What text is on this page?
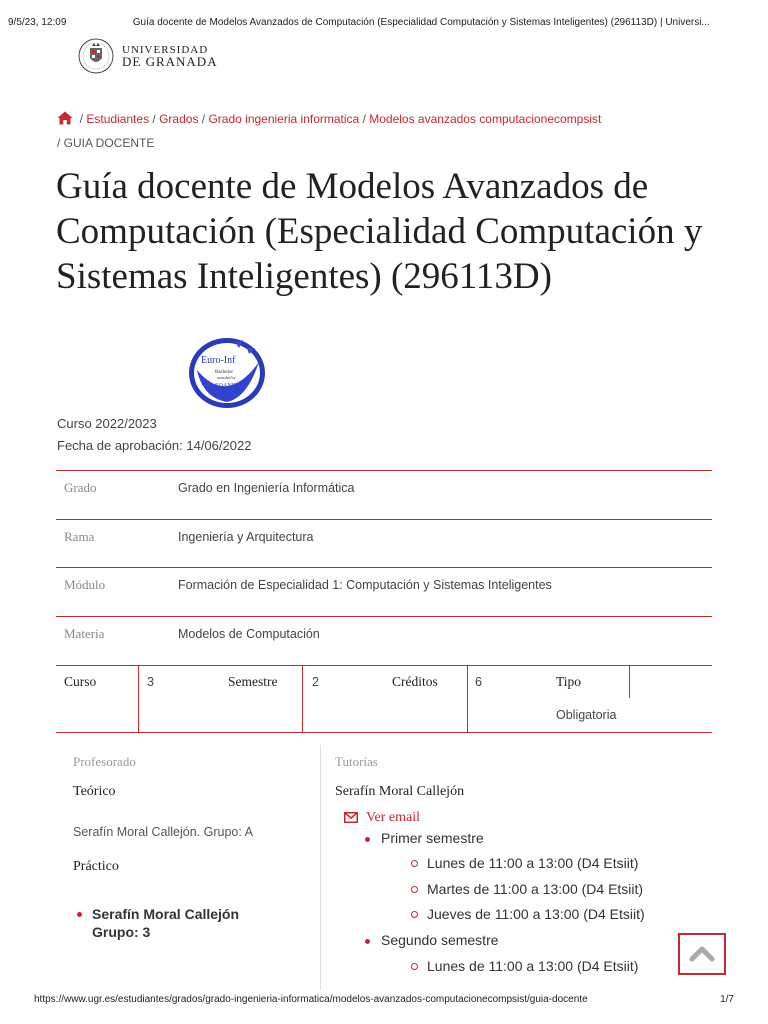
9/5/23, 12:09	Guía docente de Modelos Avanzados de Computación (Especialidad Computación y Sistemas Inteligentes) (296113D) | Universi...
UNIVERSIDAD
DE GRANADA
/ Estudiantes / Grados / Grado ingenieria informatica / Modelos avanzados computacionecompsist
/ GUIA DOCENTE
Guía docente de Modelos Avanzados de Computación (Especialidad Computación y Sistemas Inteligentes) (296113D)
Euro-Inf
Bachelor
awarded by
EQANIE
Curso 2022/2023
Fecha de aprobación: 14/06/2022
Grado	Grado en Ingeniería Informática
Rama	Ingeniería y Arquitectura
Módulo	Formación de Especialidad 1: Computación y Sistemas Inteligentes
Materia	Modelos de Computación
Curso	3	Semestre	2	Créditos	6	Tipo
Obligatoria
Profesorado
Teórico
Serafín Moral Callejón. Grupo: A
Práctico
Serafín Moral Callejón
Grupo: 3
Tutorías
Serafín Moral Callejón
Ver email
Primer semestre
Lunes de 11:00 a 13:00 (D4 Etsiit)
Martes de 11:00 a 13:00 (D4 Etsiit)
Jueves de 11:00 a 13:00 (D4 Etsiit)
Segundo semestre
Lunes de 11:00 a 13:00 (D4 Etsiit)
https://www.ugr.es/estudiantes/grados/grado-ingenieria-informatica/modelos-avanzados-computacionecompsist/guia-docente	1/7
